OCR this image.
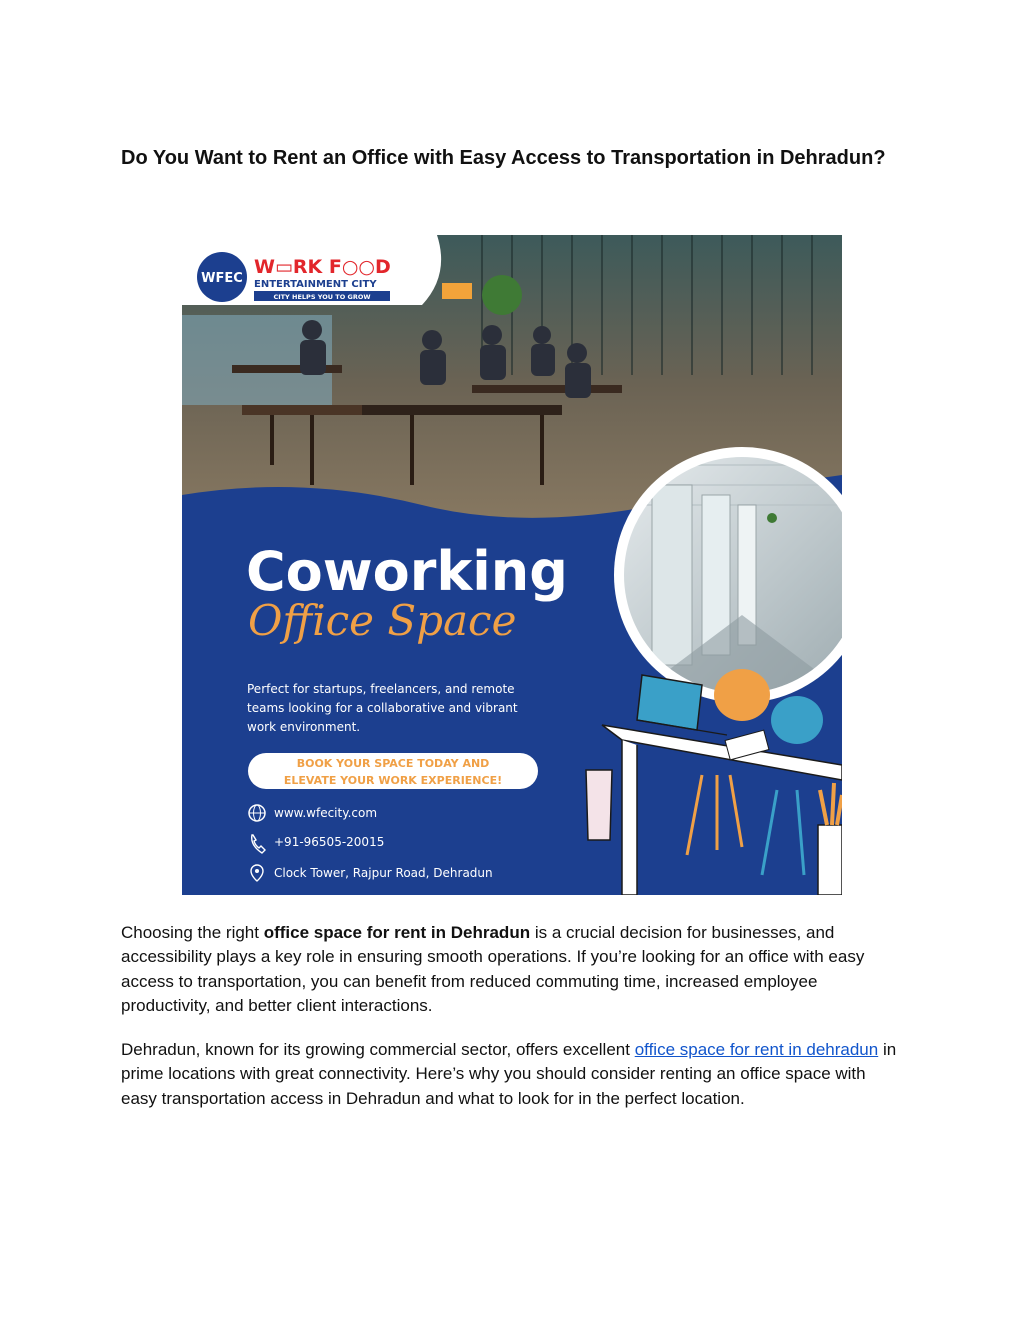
Do You Want to Rent an Office with Easy Access to Transportation in Dehradun?
WFEC
W▭RK F○○D
ENTERTAINMENT CITY
CITY HELPS YOU TO GROW
Coworking
Office Space
Perfect for startups, freelancers, and remote
teams looking for a collaborative and vibrant
work environment.
BOOK YOUR SPACE TODAY AND
ELEVATE YOUR WORK EXPERIENCE!
www.wfecity.com
+91-96505-20015
Clock Tower, Rajpur Road, Dehradun

Choosing the right office space for rent in Dehradun is a crucial decision for businesses, and accessibility plays a key role in ensuring smooth operations. If you’re looking for an office with easy access to transportation, you can benefit from reduced commuting time, increased employee productivity, and better client interactions.

Dehradun, known for its growing commercial sector, offers excellent office space for rent in dehradun in prime locations with great connectivity. Here’s why you should consider renting an office space with easy transportation access in Dehradun and what to look for in the perfect location.
